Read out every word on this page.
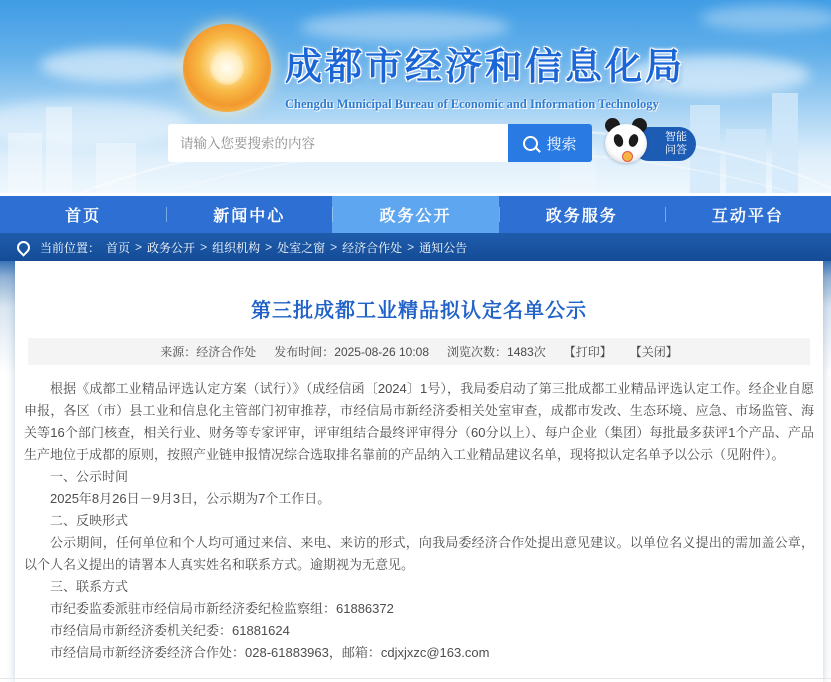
成都市经济和信息化局
Chengdu Municipal Bureau of Economic and Information Technology
请输入您要搜索的内容
搜索	智能问答
首页	新闻中心	政务公开	政务服务	互动平台
当前位置： 首页 > 政务公开 > 组织机构 > 处室之窗 > 经济合作处 > 通知公告
第三批成都工业精品拟认定名单公示
来源：经济合作处 发布时间：2025-08-26 10:08 浏览次数：1483次 【打印】 【关闭】

根据《成都工业精品评选认定方案（试行）》（成经信函〔2024〕1号），我局委启动了第三批成都工业精品评选认定工作。经企业自愿申报，各区（市）县工业和信息化主管部门初审推荐，市经信局市新经济委相关处室审查，成都市发改、生态环境、应急、市场监管、海关等16个部门核查，相关行业、财务等专家评审，评审组结合最终评审得分（60分以上）、每户企业（集团）每批最多获评1个产品、产品生产地位于成都的原则，按照产业链申报情况综合选取排名靠前的产品纳入工业精品建议名单，现将拟认定名单予以公示（见附件）。

一、公示时间

2025年8月26日－9月3日，公示期为7个工作日。

二、反映形式

公示期间，任何单位和个人均可通过来信、来电、来访的形式，向我局委经济合作处提出意见建议。以单位名义提出的需加盖公章，以个人名义提出的请署本人真实姓名和联系方式。逾期视为无意见。

三、联系方式

市纪委监委派驻市经信局市新经济委纪检监察组：61886372

市经信局市新经济委机关纪委：61881624

市经信局市新经济委经济合作处：028-61883963，邮箱：cdjxjxzc@163.com
